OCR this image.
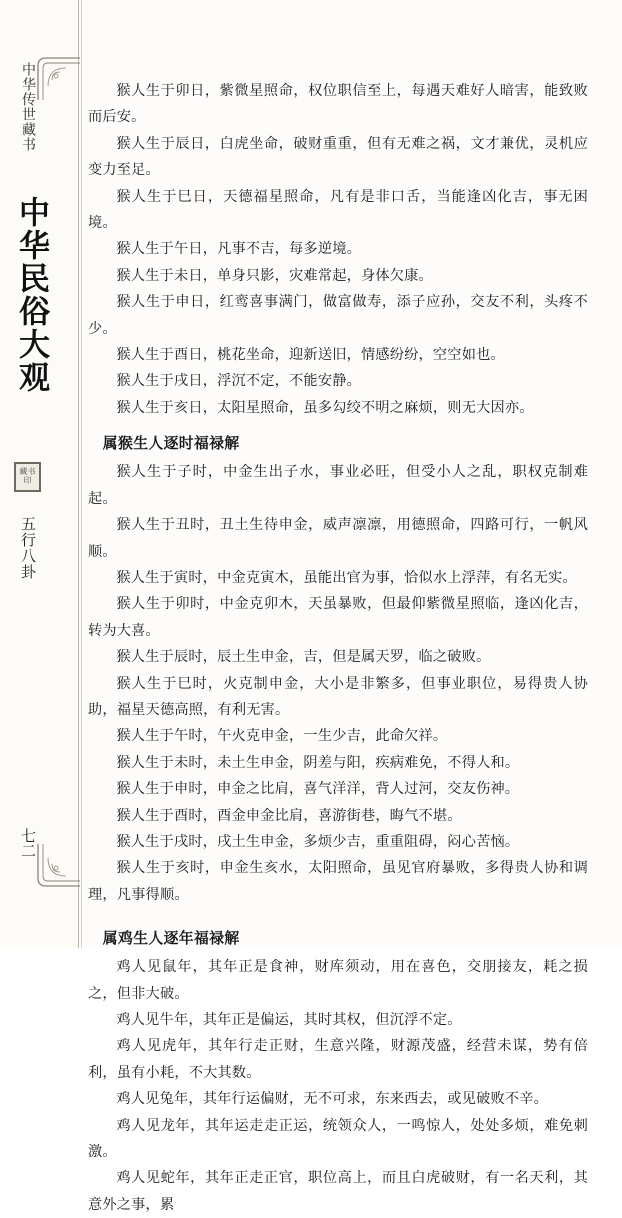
中华传世藏书
中华民俗大观
藏书印
五行八卦
七二

猴人生于卯日，紫微星照命，权位职信至上，每遇天难好人暗害，能致败而后安。

猴人生于辰日，白虎坐命，破财重重，但有无难之祸，文才兼优，灵机应变力至足。

猴人生于巳日，天德福星照命，凡有是非口舌，当能逢凶化吉，事无困境。

猴人生于午日，凡事不吉，每多逆境。

猴人生于未日，单身只影，灾难常起，身体欠康。

猴人生于申日，红鸾喜事满门，做富做寿，添子应孙，交友不利，头疼不少。

猴人生于酉日，桃花坐命，迎新送旧，情感纷纷，空空如也。

猴人生于戌日，浮沉不定，不能安静。

猴人生于亥日，太阳星照命，虽多勾绞不明之麻烦，则无大因亦。

属猴生人逐时福禄解

猴人生于子时，中金生出子水，事业必旺，但受小人之乱，职权克制难起。

猴人生于丑时，丑土生待申金，威声凛凛，用德照命，四路可行，一帆风顺。

猴人生于寅时，中金克寅木，虽能出官为事，恰似水上浮萍，有名无实。

猴人生于卯时，中金克卯木，天虽暴败，但最仰紫微星照临，逢凶化吉，转为大喜。

猴人生于辰时，辰土生申金，吉，但是属天罗，临之破败。

猴人生于巳时，火克制申金，大小是非繁多，但事业职位，易得贵人协助，福星天德高照，有利无害。

猴人生于午时，午火克申金，一生少吉，此命欠祥。

猴人生于未时，未土生申金，阴差与阳，疾病难免，不得人和。

猴人生于申时，申金之比肩，喜气洋洋，背人过河，交友伤神。

猴人生于酉时，酉金申金比肩，喜游街巷，晦气不堪。

猴人生于戌时，戌土生申金，多烦少吉，重重阻碍，闷心苦恼。

猴人生于亥时，申金生亥水，太阳照命，虽见官府暴败，多得贵人协和调理，凡事得顺。

属鸡生人逐年福禄解

鸡人见鼠年，其年正是食神，财库须动，用在喜色，交朋接友，耗之损之，但非大破。

鸡人见牛年，其年正是偏运，其时其权，但沉浮不定。

鸡人见虎年，其年行走正财，生意兴隆，财源茂盛，经营未谋，势有倍利，虽有小耗，不大其数。

鸡人见兔年，其年行运偏财，无不可求，东来西去，或见破败不辛。

鸡人见龙年，其年运走走正运，统领众人，一鸣惊人，处处多烦，难免刺激。

鸡人见蛇年，其年正走正官，职位高上，而且白虎破财，有一名天利，其意外之事，累
